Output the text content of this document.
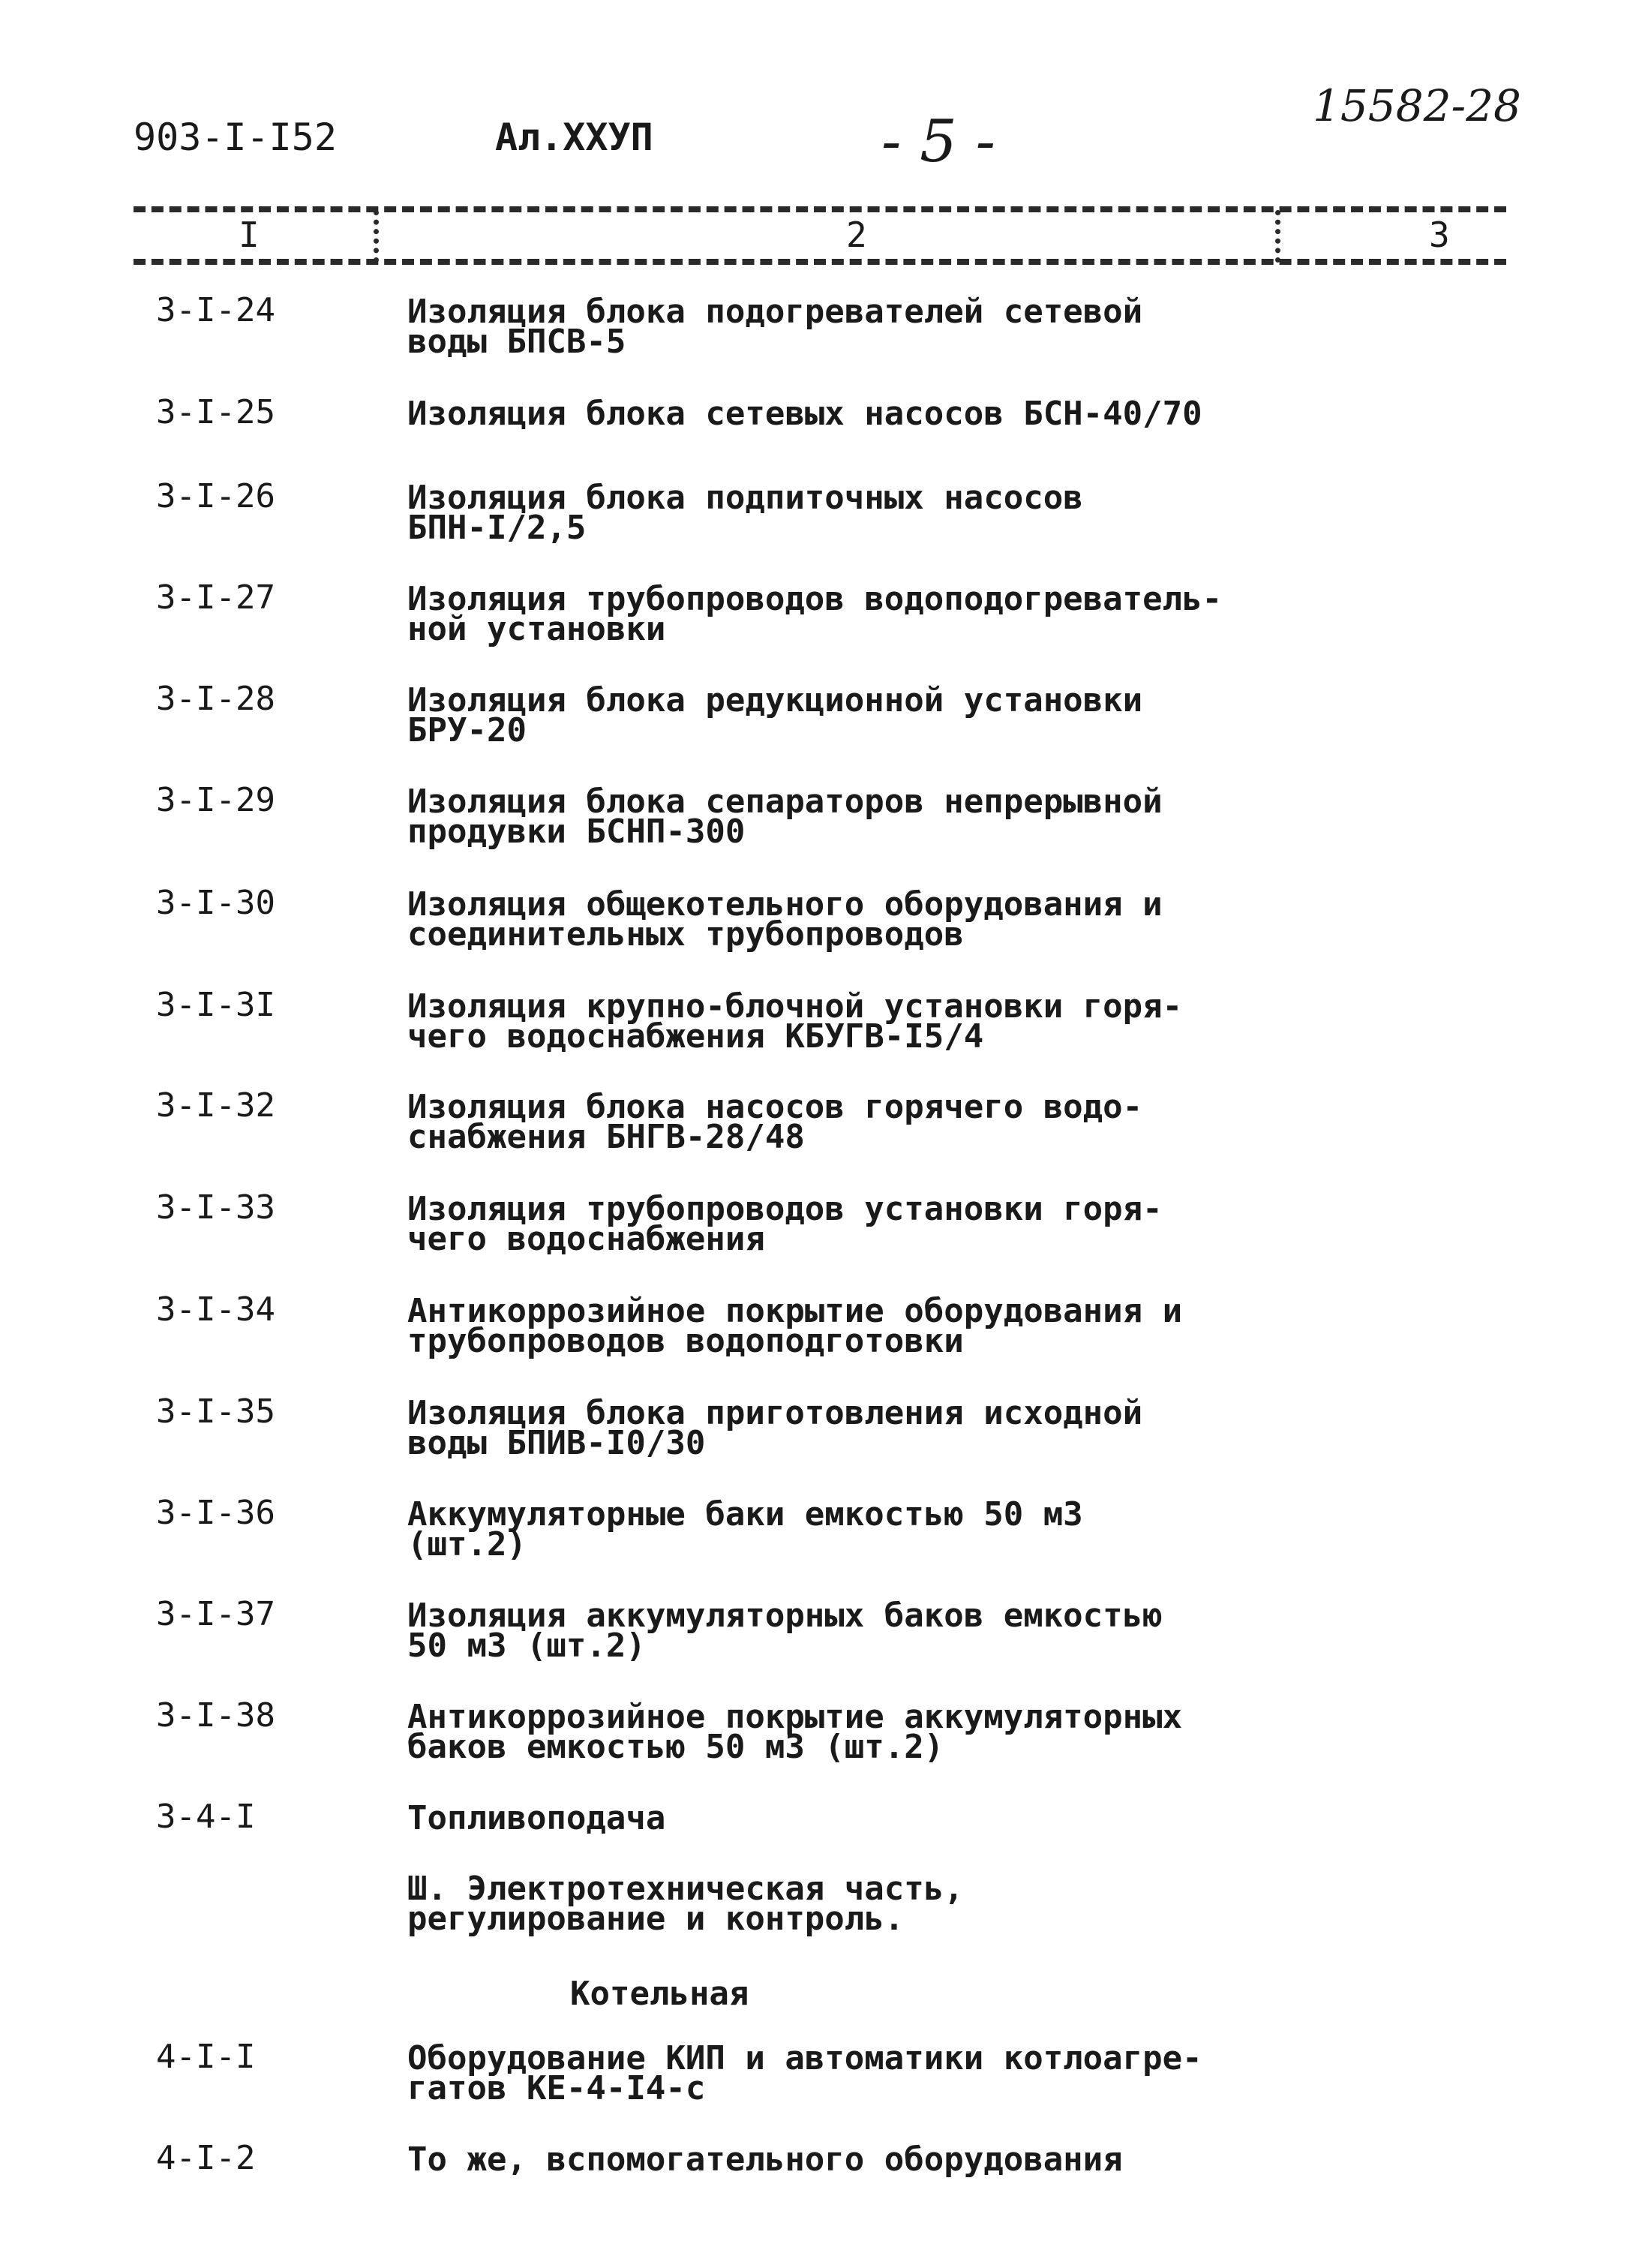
903-I-I52	Ал.XXУП	- 5 -
15582-28
I	2	3
3-I-24	Изоляция блока подогревателей сетевой
воды БПСВ-5
3-I-25	Изоляция блока сетевых насосов БСН-40/70
3-I-26	Изоляция блока подпиточных насосов
БПН-I/2,5
3-I-27	Изоляция трубопроводов водоподогреватель-
ной установки
3-I-28	Изоляция блока редукционной установки
БРУ-20
3-I-29	Изоляция блока сепараторов непрерывной
продувки БСНП-300
3-I-30	Изоляция общекотельного оборудования и
соединительных трубопроводов
3-I-3I	Изоляция крупно-блочной установки горя-
чего водоснабжения КБУГВ-I5/4
3-I-32	Изоляция блока насосов горячего водо-
снабжения БНГВ-28/48
3-I-33	Изоляция трубопроводов установки горя-
чего водоснабжения
3-I-34	Антикоррозийное покрытие оборудования и
трубопроводов водоподготовки
3-I-35	Изоляция блока приготовления исходной
воды БПИВ-I0/30
3-I-36	Аккумуляторные баки емкостью 50 м3
(шт.2)
3-I-37	Изоляция аккумуляторных баков емкостью
50 м3 (шт.2)
3-I-38	Антикоррозийное покрытие аккумуляторных
баков емкостью 50 м3 (шт.2)
3-4-I	Топливоподача
Ш. Электротехническая часть,
регулирование и контроль.
Котельная
4-I-I	Оборудование КИП и автоматики котлоагре-
гатов КЕ-4-I4-с
4-I-2	То же, вспомогательного оборудования
